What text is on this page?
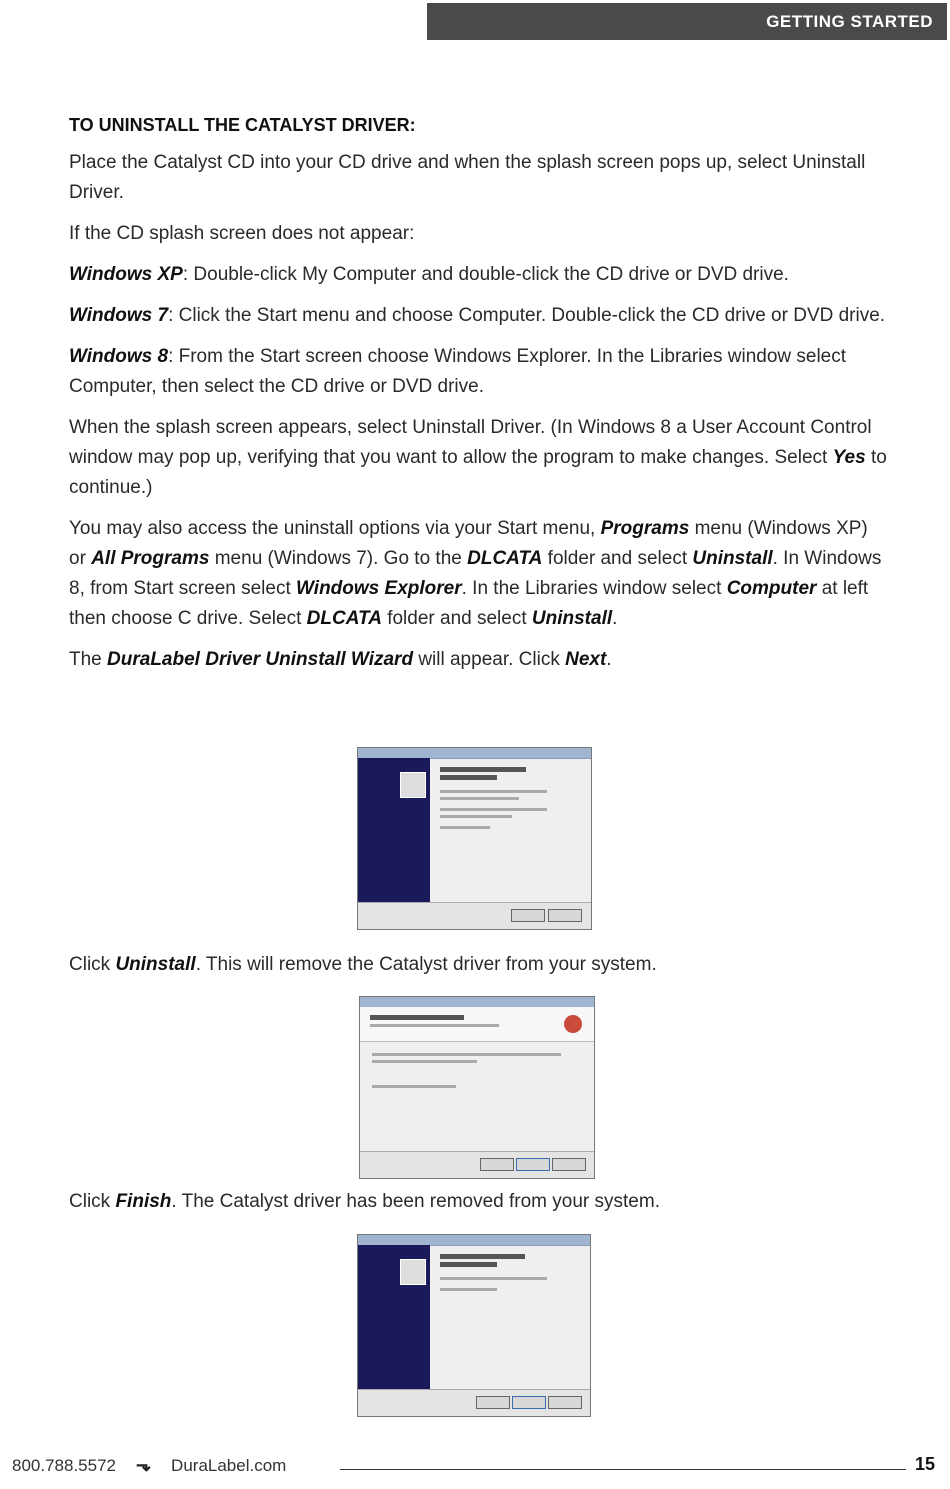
GETTING STARTED

TO UNINSTALL THE CATALYST DRIVER:

Place the Catalyst CD into your CD drive and when the splash screen pops up, select Uninstall Driver.

If the CD splash screen does not appear:

Windows XP: Double-click My Computer and double-click the CD drive or DVD drive.

Windows 7: Click the Start menu and choose Computer. Double-click the CD drive or DVD drive.

Windows 8: From the Start screen choose Windows Explorer. In the Libraries window select Computer, then select the CD drive or DVD drive.

When the splash screen appears, select Uninstall Driver. (In Windows 8 a User Account Control window may pop up, verifying that you want to allow the program to make changes. Select Yes to continue.)

You may also access the uninstall options via your Start menu, Programs menu (Windows XP) or All Programs menu (Windows 7). Go to the DLCATA folder and select Uninstall. In Windows 8, from Start screen select Windows Explorer. In the Libraries window select Computer at left then choose C drive. Select DLCATA folder and select Uninstall.

The DuraLabel Driver Uninstall Wizard will appear. Click Next.

Click Uninstall. This will remove the Catalyst driver from your system.

Click Finish. The Catalyst driver has been removed from your system.

800.788.5572 ⬎ DuraLabel.com	15
